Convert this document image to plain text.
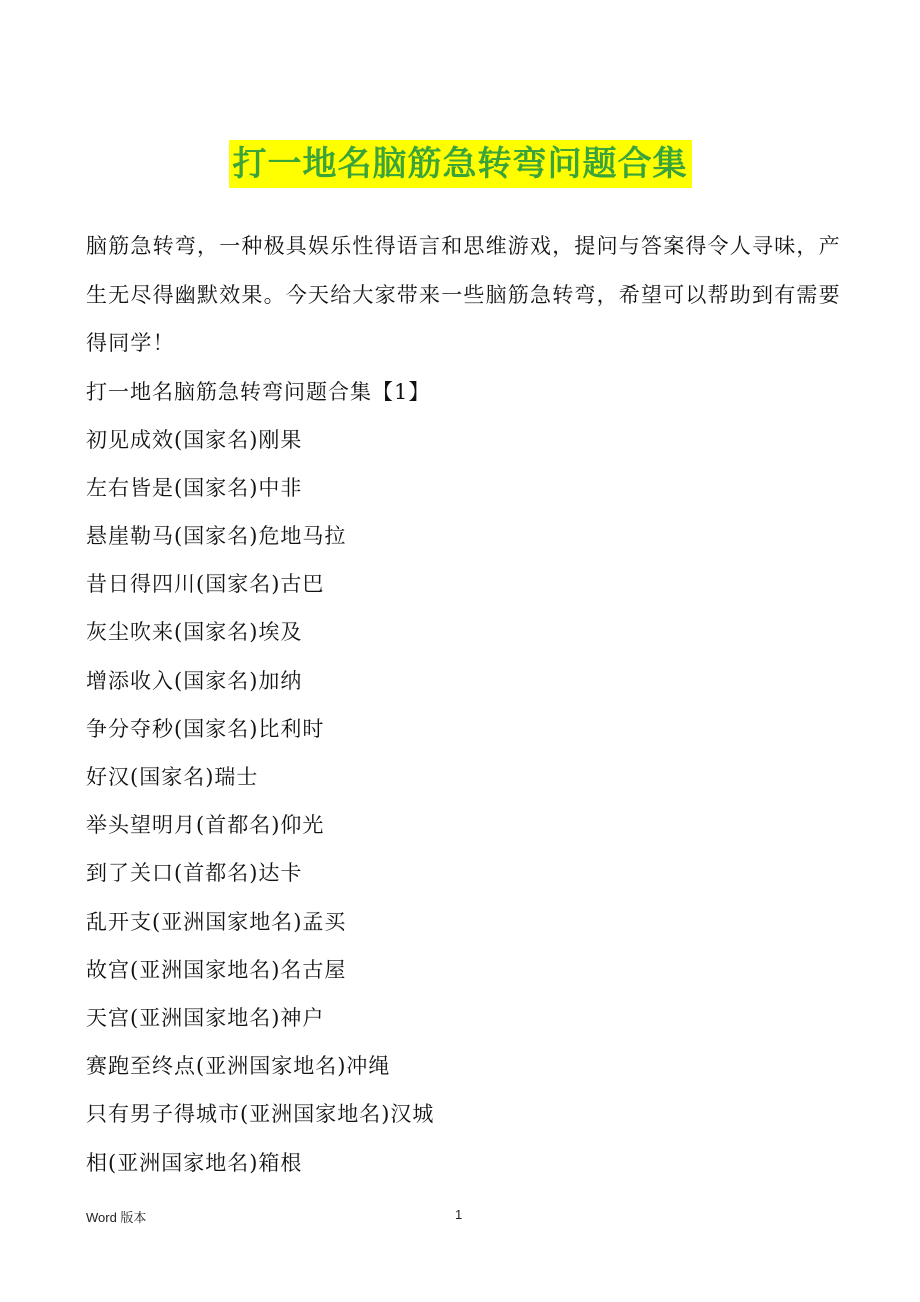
打一地名脑筋急转弯问题合集

脑筋急转弯，一种极具娱乐性得语言和思维游戏，提问与答案得令人寻味，产生无尽得幽默效果。今天给大家带来一些脑筋急转弯，希望可以帮助到有需要得同学！

打一地名脑筋急转弯问题合集【1】
初见成效(国家名)刚果
左右皆是(国家名)中非
悬崖勒马(国家名)危地马拉
昔日得四川(国家名)古巴
灰尘吹来(国家名)埃及
增添收入(国家名)加纳
争分夺秒(国家名)比利时
好汉(国家名)瑞士
举头望明月(首都名)仰光
到了关口(首都名)达卡
乱开支(亚洲国家地名)孟买
故宫(亚洲国家地名)名古屋
天宫(亚洲国家地名)神户
赛跑至终点(亚洲国家地名)冲绳
只有男子得城市(亚洲国家地名)汉城
相(亚洲国家地名)箱根
Word 版本	1
